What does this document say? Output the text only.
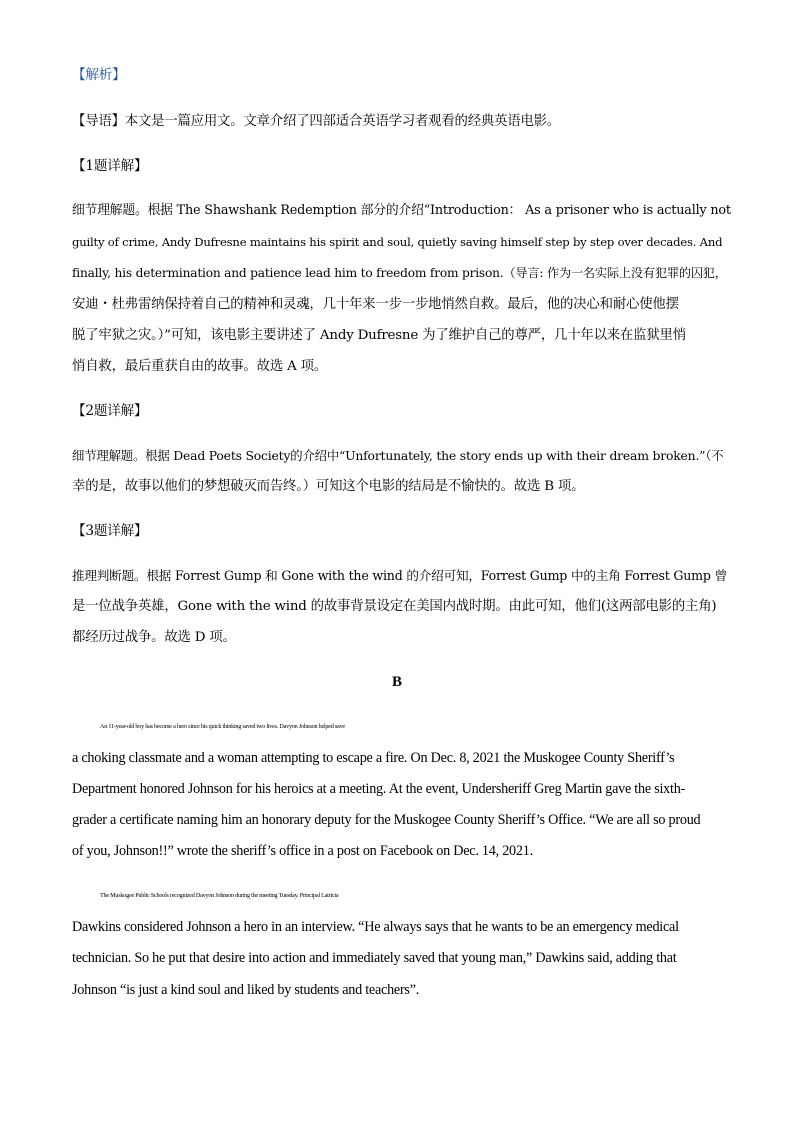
【解析】
【导语】本文是一篇应用文。文章介绍了四部适合英语学习者观看的经典英语电影。
【1题详解】
细节理解题。根据 The Shawshank Redemption 部分的介绍“Introduction： As a prisoner who is actually not
guilty of crime, Andy Dufresne maintains his spirit and soul, quietly saving himself step by step over decades. And
finally, his determination and patience lead him to freedom from prison.（导言: 作为一名实际上没有犯罪的囚犯，
安迪・杜弗雷纳保持着自己的精神和灵魂，几十年来一步一步地悄然自救。最后，他的决心和耐心使他摆
脱了牢狱之灾。）”可知，该电影主要讲述了 Andy Dufresne 为了维护自己的尊严，几十年以来在监狱里悄
悄自救，最后重获自由的故事。故选 A 项。
【2题详解】
细节理解题。根据 Dead Poets Society的介绍中“Unfortunately, the story ends up with their dream broken.”（不
幸的是，故事以他们的梦想破灭而告终。）可知这个电影的结局是不愉快的。故选 B 项。
【3题详解】
推理判断题。根据 Forrest Gump 和 Gone with the wind 的介绍可知，Forrest Gump 中的主角 Forrest Gump 曾
是一位战争英雄，Gone with the wind 的故事背景设定在美国内战时期。由此可知，他们(这两部电影的主角)
都经历过战争。故选 D 项。
B
An 11-year-old boy has become a hero since his quick thinking saved two lives. Davyon Johnson helped save
a choking classmate and a woman attempting to escape a fire. On Dec. 8, 2021 the Muskogee County Sheriff’s
Department honored Johnson for his heroics at a meeting. At the event, Undersheriff Greg Martin gave the sixth-
grader a certificate naming him an honorary deputy for the Muskogee County Sheriff’s Office. “We are all so proud
of you, Johnson!!” wrote the sheriff’s office in a post on Facebook on Dec. 14, 2021.
The Muskogee Public Schools recognized Davyon Johnson during the meeting Tuesday. Principal Latricia
Dawkins considered Johnson a hero in an interview. “He always says that he wants to be an emergency medical
technician. So he put that desire into action and immediately saved that young man,” Dawkins said, adding that
Johnson “is just a kind soul and liked by students and teachers”.
